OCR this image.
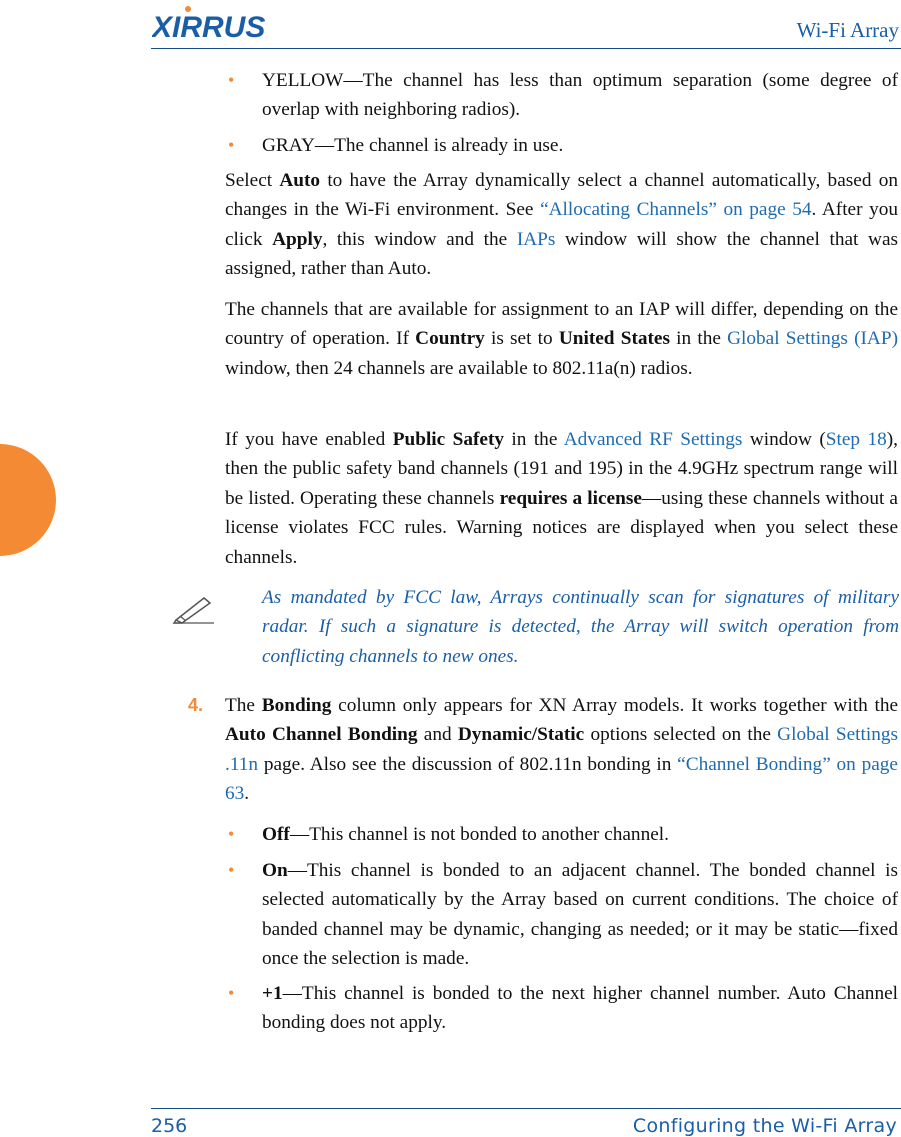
XIRRUS	Wi-Fi Array
•	YELLOW—The channel has less than optimum separation (some degree of overlap with neighboring radios).

•	GRAY—The channel is already in use.

Select Auto to have the Array dynamically select a channel automatically, based on changes in the Wi-Fi environment. See “Allocating Channels” on page 54. After you click Apply, this window and the IAPs window will show the channel that was assigned, rather than Auto.

The channels that are available for assignment to an IAP will differ, depending on the country of operation. If Country is set to United States in the Global Settings (IAP) window, then 24 channels are available to 802.11a(n) radios.

If you have enabled Public Safety in the Advanced RF Settings window (Step 18), then the public safety band channels (191 and 195) in the 4.9GHz spectrum range will be listed. Operating these channels requires a license—using these channels without a license violates FCC rules. Warning notices are displayed when you select these channels.

As mandated by FCC law, Arrays continually scan for signatures of military radar. If such a signature is detected, the Array will switch operation from conflicting channels to new ones.

4. The Bonding column only appears for XN Array models. It works together with the Auto Channel Bonding and Dynamic/Static options selected on the Global Settings .11n page. Also see the discussion of 802.11n bonding in “Channel Bonding” on page 63.

•	Off—This channel is not bonded to another channel.

•	On—This channel is bonded to an adjacent channel. The bonded channel is selected automatically by the Array based on current conditions. The choice of banded channel may be dynamic, changing as needed; or it may be static—fixed once the selection is made.

•	+1—This channel is bonded to the next higher channel number. Auto Channel bonding does not apply.

256	Configuring the Wi-Fi Array
